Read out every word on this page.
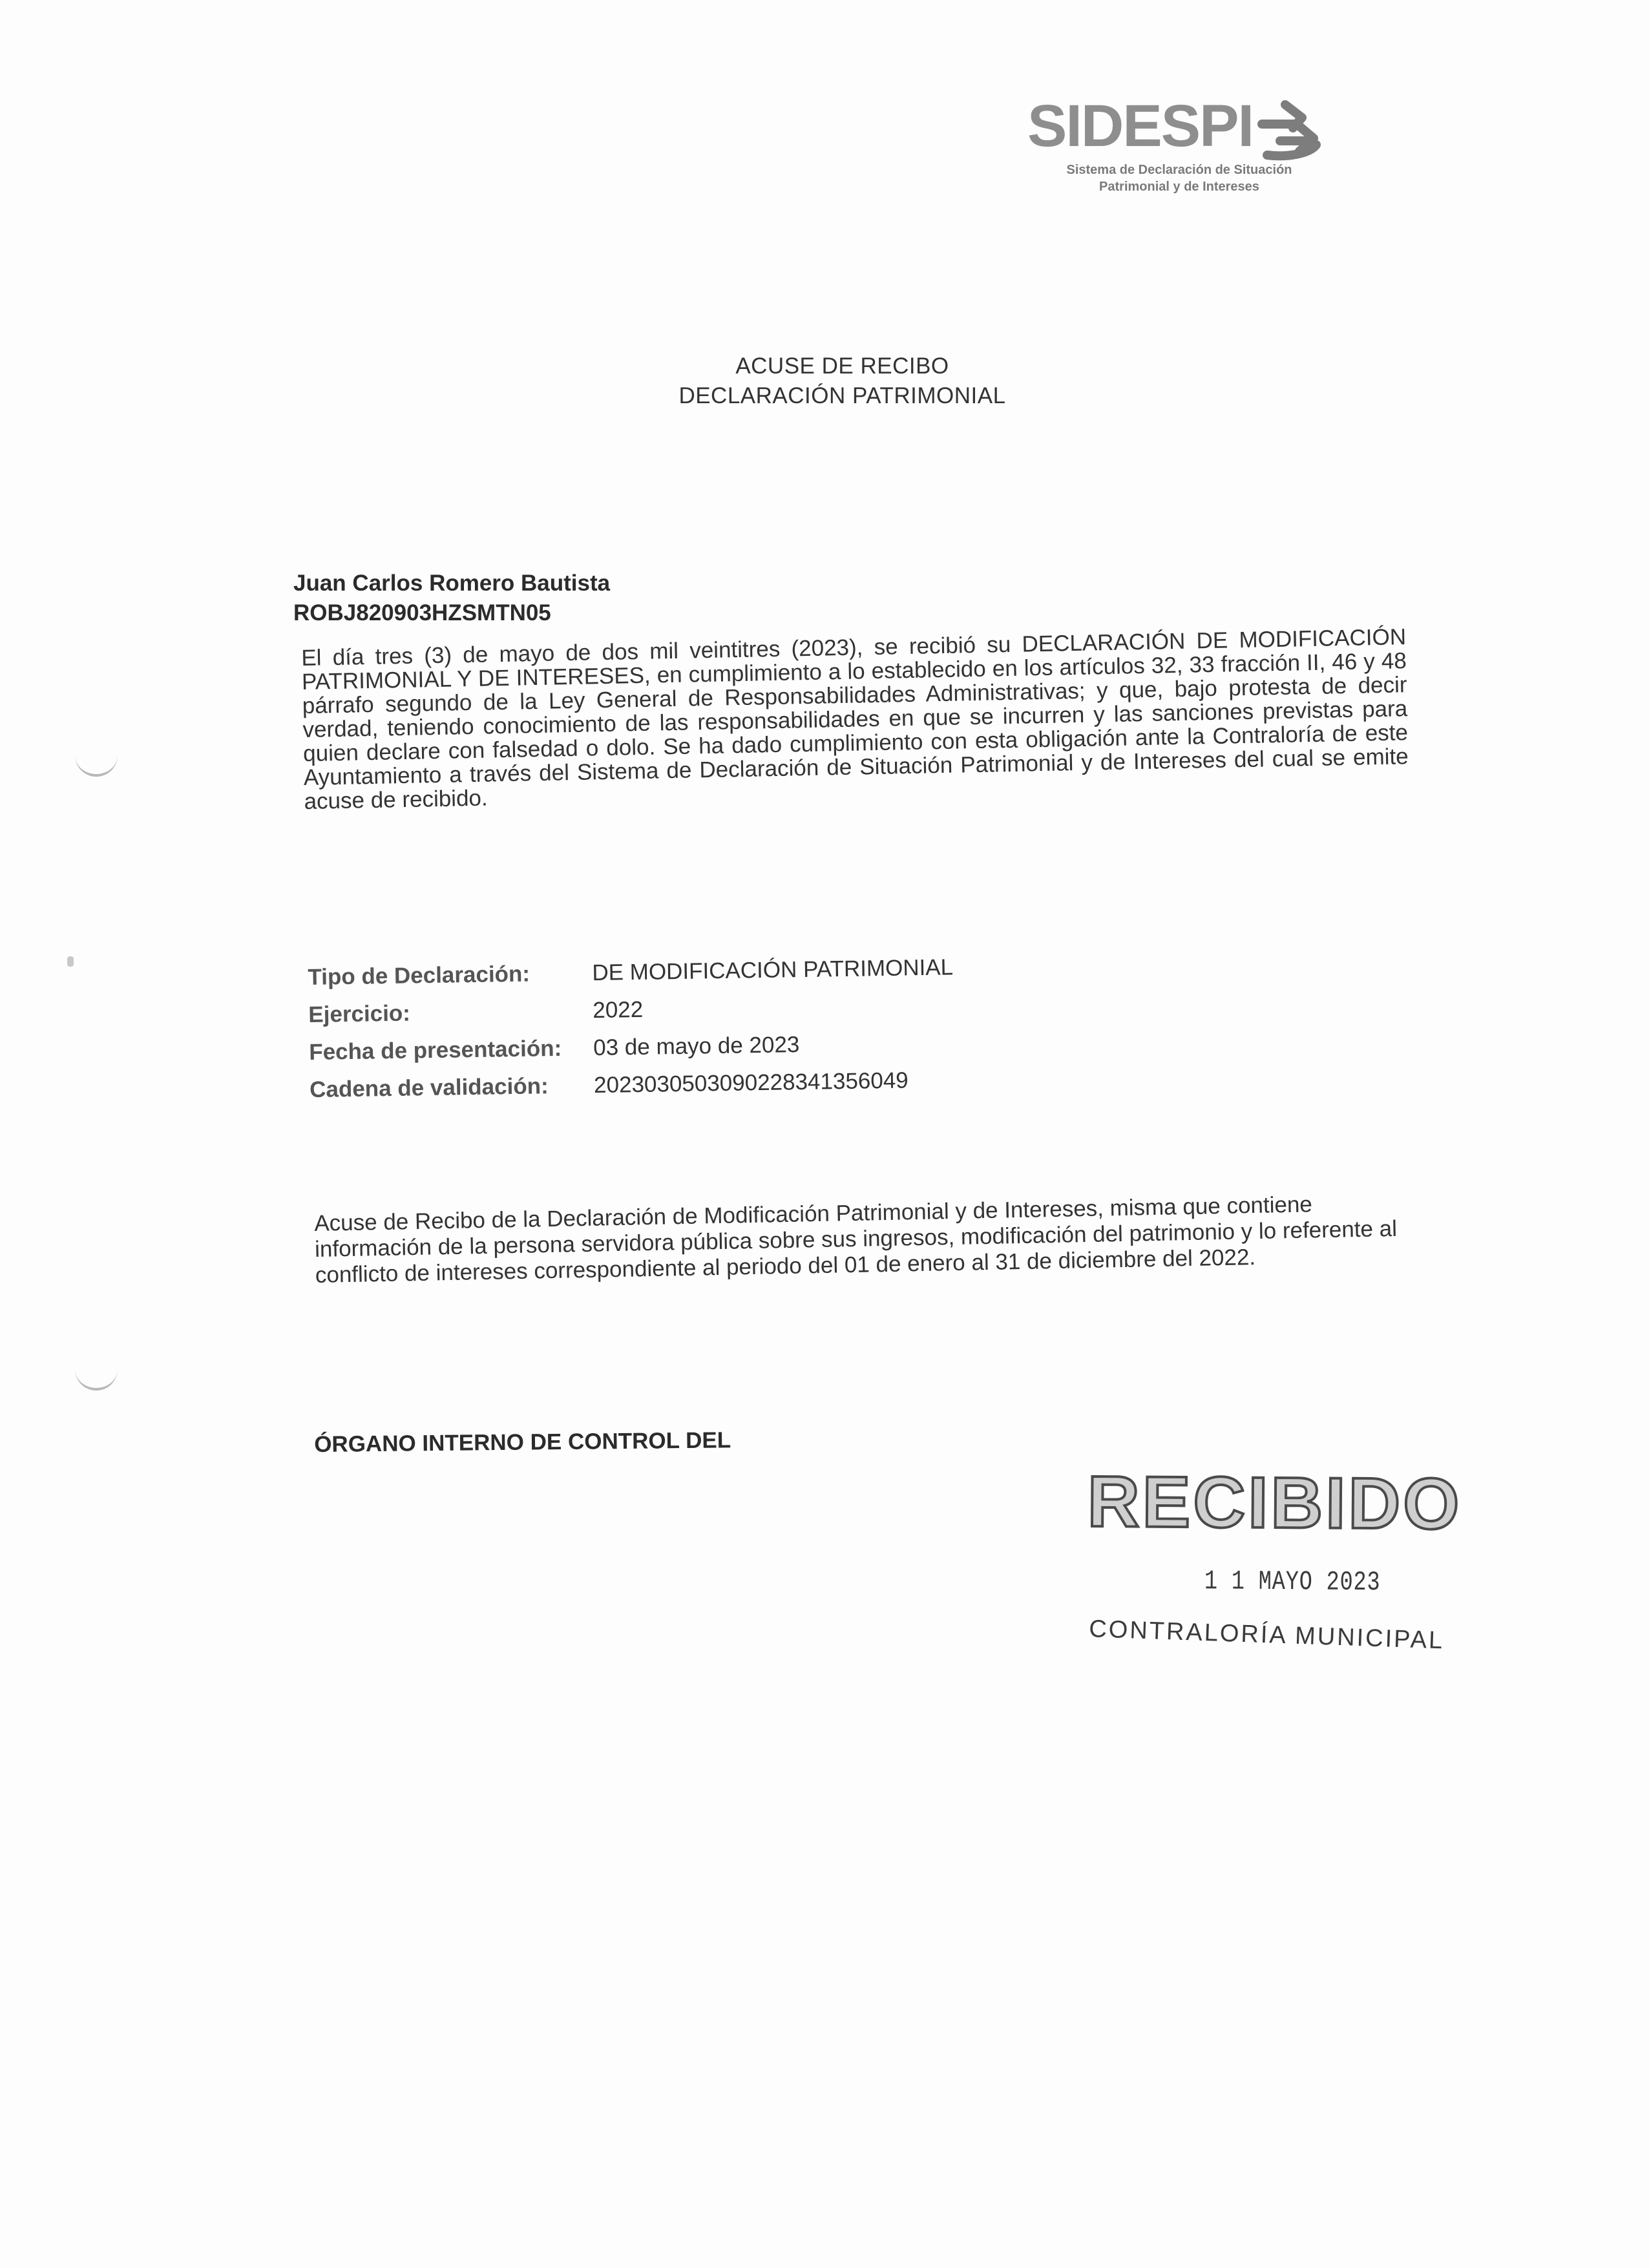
SIDESPI
Sistema de Declaración de Situación
Patrimonial y de Intereses
ACUSE DE RECIBO
DECLARACIÓN PATRIMONIAL
Juan Carlos Romero Bautista
ROBJ820903HZSMTN05
El día tres (3) de mayo de dos mil veintitres (2023), se recibió su DECLARACIÓN DE MODIFICACIÓN PATRIMONIAL Y DE INTERESES, en cumplimiento a lo establecido en los artículos 32, 33 fracción II, 46 y 48 párrafo segundo de la Ley General de Responsabilidades Administrativas; y que, bajo protesta de decir verdad, teniendo conocimiento de las responsabilidades en que se incurren y las sanciones previstas para quien declare con falsedad o dolo. Se ha dado cumplimiento con esta obligación ante la Contraloría de este Ayuntamiento a través del Sistema de Declaración de Situación Patrimonial y de Intereses del cual se emite acuse de recibido.
Tipo de Declaración:	DE MODIFICACIÓN PATRIMONIAL
Ejercicio:	2022
Fecha de presentación:	03 de mayo de 2023
Cadena de validación:	20230305030902283413560​49
Acuse de Recibo de la Declaración de Modificación Patrimonial y de Intereses, misma que contiene información de la persona servidora pública sobre sus ingresos, modificación del patrimonio y lo referente al conflicto de intereses correspondiente al periodo del 01 de enero al 31 de diciembre del 2022.
ÓRGANO INTERNO DE CONTROL DEL
RECIBIDO
1 1 MAYO 2023
CONTRALORÍA MUNICIPAL
